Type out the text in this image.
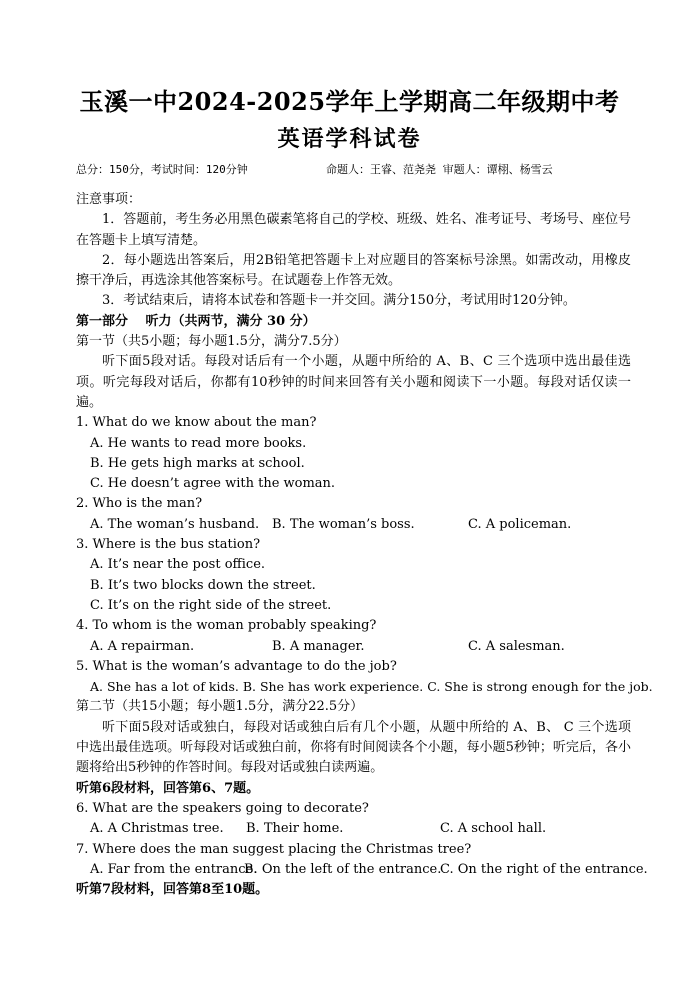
玉溪一中2024-2025学年上学期高二年级期中考
英语学科试卷
总分：150分，考试时间：120分钟	命题人：王睿、范尧尧 审题人：谭栩、杨雪云

注意事项：

1．答题前，考生务必用黑色碳素笔将自己的学校、班级、姓名、准考证号、考场号、座位号在答题卡上填写清楚。

2．每小题选出答案后，用2B铅笔把答题卡上对应题目的答案标号涂黑。如需改动，用橡皮擦干净后，再选涂其他答案标号。在试题卷上作答无效。

3．考试结束后，请将本试卷和答题卡一并交回。满分150分，考试用时120分钟。

第一部分　 听力（共两节，满分 30 分）

第一节（共5小题；每小题1.5分，满分7.5分）

听下面5段对话。每段对话后有一个小题，从题中所给的 A、B、C 三个选项中选出最佳选项。听完每段对话后，你都有10秒钟的时间来回答有关小题和阅读下一小题。每段对话仅读一遍。

1. What do we know about the man?

A. He wants to read more books.

B. He gets high marks at school.

C. He doesn’t agree with the woman.

2. Who is the man?

A. The woman’s husband. B. The woman’s boss.	C. A policeman.

3. Where is the bus station?

A. It’s near the post office.

B. It’s two blocks down the street.

C. It’s on the right side of the street.

4. To whom is the woman probably speaking?

A. A repairman.	B. A manager.	C. A salesman.

5. What is the woman’s advantage to do the job?

A. She has a lot of kids. B. She has work experience. C. She is strong enough for the job.

第二节（共15小题；每小题1.5分，满分22.5分）

听下面5段对话或独白，每段对话或独白后有几个小题，从题中所给的 A、B、 C 三个选项中选出最佳选项。听每段对话或独白前，你将有时间阅读各个小题，每小题5秒钟；听完后，各小题将给出5秒钟的作答时间。每段对话或独白读两遍。

听第6段材料，回答第6、7题。

6. What are the speakers going to decorate?

A. A Christmas tree. B. Their home.	C. A school hall.

7. Where does the man suggest placing the Christmas tree?

A. Far from the entrance.
B. On the left of the entrance.
C. On the right of the entrance.

听第7段材料，回答第8至10题。
